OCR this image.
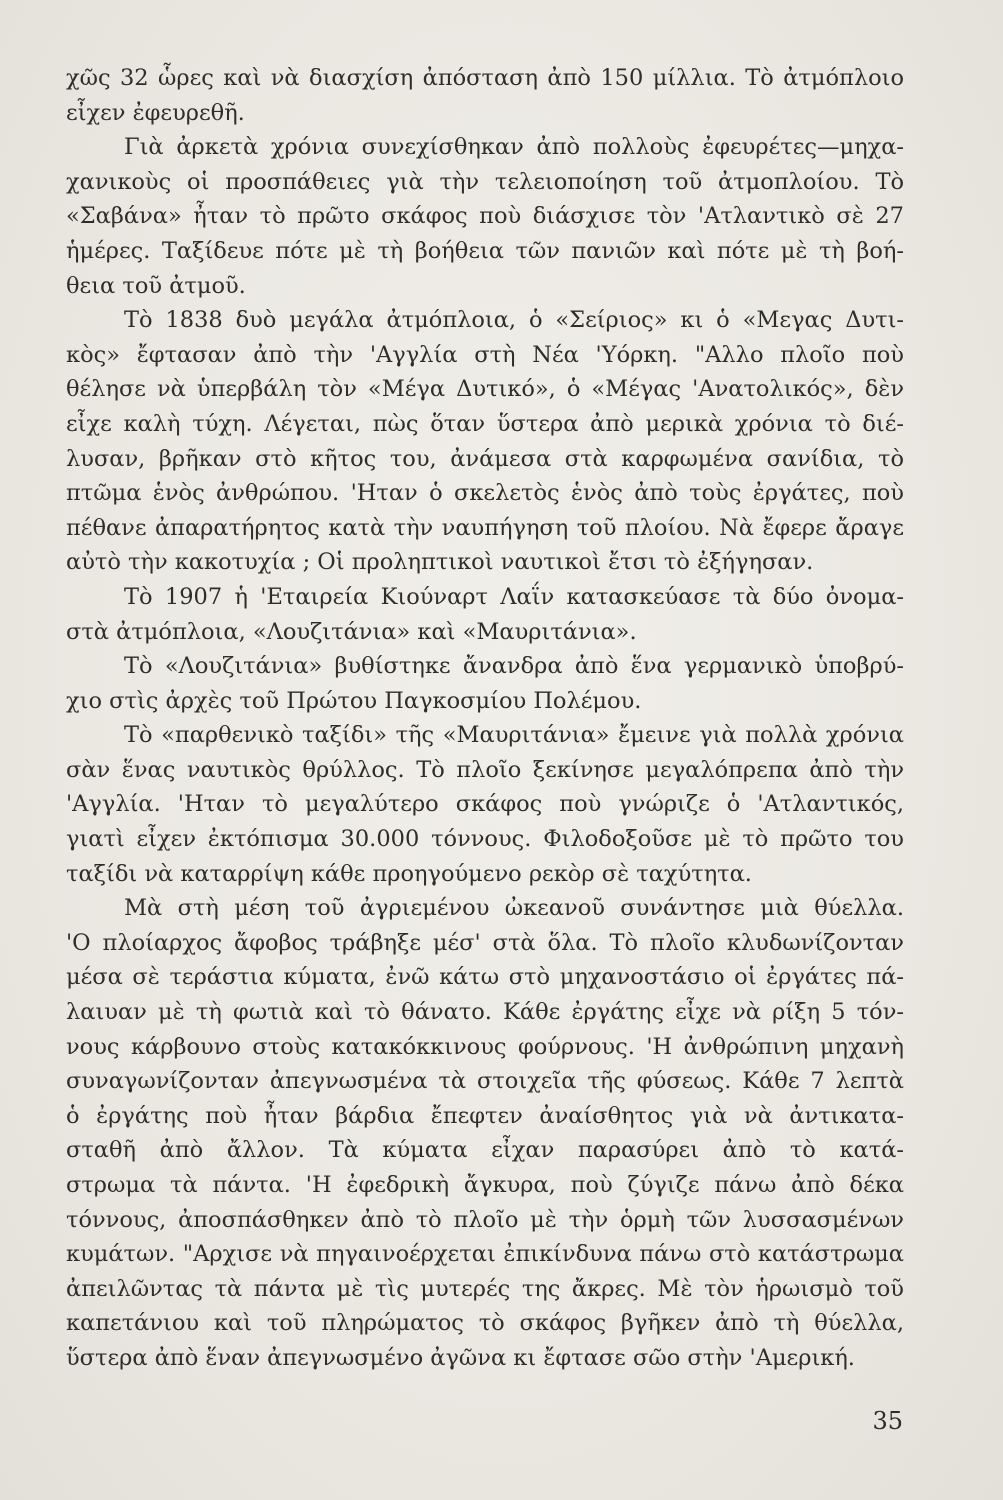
χῶς 32 ὧρες καὶ νὰ διασχίση ἀπόσταση ἀπὸ 150 μίλλια. Τὸ ἀτμόπλοιο
εἶχεν ἐφευρεθῆ.
Γιὰ ἀρκετὰ χρόνια συνεχίσθηκαν ἀπὸ πολλοὺς ἐφευρέτες—μηχα-
χανικοὺς οἱ προσπάθειες γιὰ τὴν τελειοποίηση τοῦ ἀτμοπλοίου. Τὸ
«Σαβάνα» ἦταν τὸ πρῶτο σκάφος ποὺ διάσχισε τὸν 'Ατλαντικὸ σὲ 27
ἡμέρες. Ταξίδευε πότε μὲ τὴ βοήθεια τῶν πανιῶν καὶ πότε μὲ τὴ βοή-
θεια τοῦ ἀτμοῦ.
Τὸ 1838 δυὸ μεγάλα ἀτμόπλοια, ὁ «Σείριος» κι ὁ «Μεγας Δυτι-
κὸς» ἔφτασαν ἀπὸ τὴν 'Αγγλία στὴ Νέα 'Υόρκη. "Αλλο πλοῖο ποὺ
θέλησε νὰ ὑπερβάλη τὸν «Μέγα Δυτικό», ὁ «Μέγας 'Ανατολικός», δὲν
εἶχε καλὴ τύχη. Λέγεται, πὼς ὅταν ὕστερα ἀπὸ μερικὰ χρόνια τὸ διέ-
λυσαν, βρῆκαν στὸ κῆτος του, ἀνάμεσα στὰ καρφωμένα σανίδια, τὸ
πτῶμα ἑνὸς ἀνθρώπου. 'Ηταν ὁ σκελετὸς ἑνὸς ἀπὸ τοὺς ἐργάτες, ποὺ
πέθανε ἀπαρατήρητος κατὰ τὴν ναυπήγηση τοῦ πλοίου. Νὰ ἔφερε ἄραγε
αὐτὸ τὴν κακοτυχία ; Οἱ προληπτικοὶ ναυτικοὶ ἔτσι τὸ ἐξήγησαν.
Τὸ 1907 ἡ 'Εταιρεία Κιούναρτ Λαΐν κατασκεύασε τὰ δύο ὀνομα-
στὰ ἀτμόπλοια, «Λουζιτάνια» καὶ «Μαυριτάνια».
Τὸ «Λουζιτάνια» βυθίστηκε ἄνανδρα ἀπὸ ἕνα γερμανικὸ ὑποβρύ-
χιο στὶς ἀρχὲς τοῦ Πρώτου Παγκοσμίου Πολέμου.
Τὸ «παρθενικὸ ταξίδι» τῆς «Μαυριτάνια» ἔμεινε γιὰ πολλὰ χρόνια
σὰν ἕνας ναυτικὸς θρύλλος. Τὸ πλοῖο ξεκίνησε μεγαλόπρεπα ἀπὸ τὴν
'Αγγλία. 'Ηταν τὸ μεγαλύτερο σκάφος ποὺ γνώριζε ὁ 'Ατλαντικός,
γιατὶ εἶχεν ἐκτόπισμα 30.000 τόννους. Φιλοδοξοῦσε μὲ τὸ πρῶτο του
ταξίδι νὰ καταρρίψη κάθε προηγούμενο ρεκὸρ σὲ ταχύτητα.
Μὰ στὴ μέση τοῦ ἀγριεμένου ὠκεανοῦ συνάντησε μιὰ θύελλα.
'Ο πλοίαρχος ἄφοβος τράβηξε μέσ' στὰ ὅλα. Τὸ πλοῖο κλυδωνίζονταν
μέσα σὲ τεράστια κύματα, ἐνῶ κάτω στὸ μηχανοστάσιο οἱ ἐργάτες πά-
λαιυαν μὲ τὴ φωτιὰ καὶ τὸ θάνατο. Κάθε ἐργάτης εἶχε νὰ ρίξη 5 τόν-
νους κάρβουνο στοὺς κατακόκκινους φούρνους. 'Η ἀνθρώπινη μηχανὴ
συναγωνίζονταν ἀπεγνωσμένα τὰ στοιχεῖα τῆς φύσεως. Κάθε 7 λεπτὰ
ὁ ἐργάτης ποὺ ἦταν βάρδια ἔπεφτεν ἀναίσθητος γιὰ νὰ ἀντικατα-
σταθῆ ἀπὸ ἄλλον. Τὰ κύματα εἶχαν παρασύρει ἀπὸ τὸ κατά-
στρωμα τὰ πάντα. 'Η ἐφεδρικὴ ἄγκυρα, ποὺ ζύγιζε πάνω ἀπὸ δέκα
τόννους, ἀποσπάσθηκεν ἀπὸ τὸ πλοῖο μὲ τὴν ὁρμὴ τῶν λυσσασμένων
κυμάτων. "Αρχισε νὰ πηγαινοέρχεται ἐπικίνδυνα πάνω στὸ κατάστρωμα
ἀπειλῶντας τὰ πάντα μὲ τὶς μυτερές της ἄκρες. Μὲ τὸν ἡρωισμὸ τοῦ
καπετάνιου καὶ τοῦ πληρώματος τὸ σκάφος βγῆκεν ἀπὸ τὴ θύελλα,
ὕστερα ἀπὸ ἕναν ἀπεγνωσμένο ἀγῶνα κι ἔφτασε σῶο στὴν 'Αμερική.
35
